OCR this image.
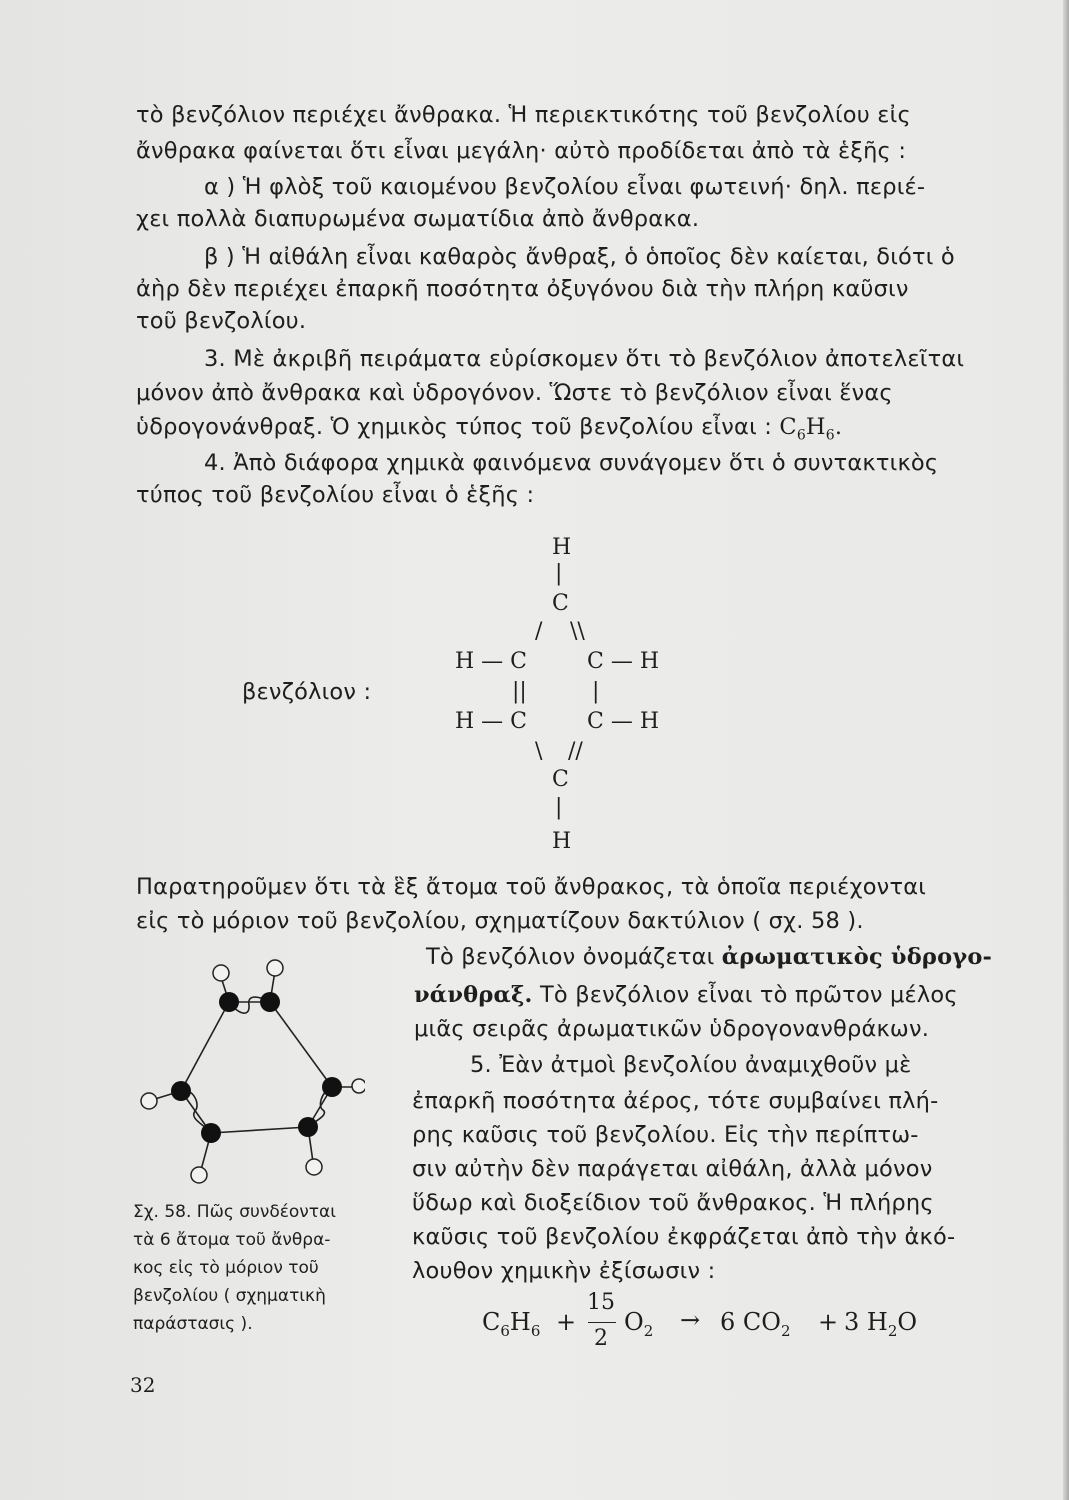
τὸ βενζόλιον περιέχει ἄνθρακα. Ἡ περιεκτικότης τοῦ βενζολίου εἰς
ἄνθρακα φαίνεται ὅτι εἶναι μεγάλη· αὐτὸ προδίδεται ἀπὸ τὰ ἑξῆς :
α ) Ἡ φλὸξ τοῦ καιομένου βενζολίου εἶναι φωτεινή· δηλ. περιέ-
χει πολλὰ διαπυρωμένα σωματίδια ἀπὸ ἄνθρακα.
β ) Ἡ αἰθάλη εἶναι καθαρὸς ἄνθραξ, ὁ ὁποῖος δὲν καίεται, διότι ὁ
ἀὴρ δὲν περιέχει ἐπαρκῆ ποσότητα ὀξυγόνου διὰ τὴν πλήρη καῦσιν
τοῦ βενζολίου.
3. Μὲ ἀκριβῆ πειράματα εὑρίσκομεν ὅτι τὸ βενζόλιον ἀποτελεῖται
μόνον ἀπὸ ἄνθρακα καὶ ὑδρογόνον. Ὥστε τὸ βενζόλιον εἶναι ἕνας
ὑδρογονάνθραξ. Ὁ χημικὸς τύπος τοῦ βενζολίου εἶναι : $C_6H_6$.
4. Ἀπὸ διάφορα χημικὰ φαινόμενα συνάγομεν ὅτι ὁ συντακτικὸς
τύπος τοῦ βενζολίου εἶναι ὁ ἑξῆς :
βενζόλιον :
H
|
C
/ \\
H — C	C — H
||	|
H — C	C — H
\ //
C
|
H
Παρατηροῦμεν ὅτι τὰ ἓξ ἄτομα τοῦ ἄνθρακος, τὰ ὁποῖα περιέχονται
εἰς τὸ μόριον τοῦ βενζολίου, σχηματίζουν δακτύλιον ( σχ. 58 ).
Τὸ βενζόλιον ὀνομάζεται ἀρωματικὸς ὑδρογο-
νάνθραξ. Τὸ βενζόλιον εἶναι τὸ πρῶτον μέλος
μιᾶς σειρᾶς ἀρωματικῶν ὑδρογονανθράκων.
5. Ἐὰν ἀτμοὶ βενζολίου ἀναμιχθοῦν μὲ
ἐπαρκῆ ποσότητα ἀέρος, τότε συμβαίνει πλή-
ρης καῦσις τοῦ βενζολίου. Εἰς τὴν περίπτω-
σιν αὐτὴν δὲν παράγεται αἰθάλη, ἀλλὰ μόνον
ὕδωρ καὶ διοξείδιον τοῦ ἄνθρακος. Ἡ πλήρης
καῦσις τοῦ βενζολίου ἐκφράζεται ἀπὸ τὴν ἀκό-
λουθον χημικὴν ἐξίσωσιν :
Σχ. 58. Πῶς συνδέονται
τὰ 6 ἄτομα τοῦ ἄνθρα-
κος εἰς τὸ μόριον τοῦ
βενζολίου ( σχηματικὴ
παράστασις ).	$C_6H_6$ +
15
2
$O_2 \to 6$ $CO_2 + 3$ $H_2O$
32
